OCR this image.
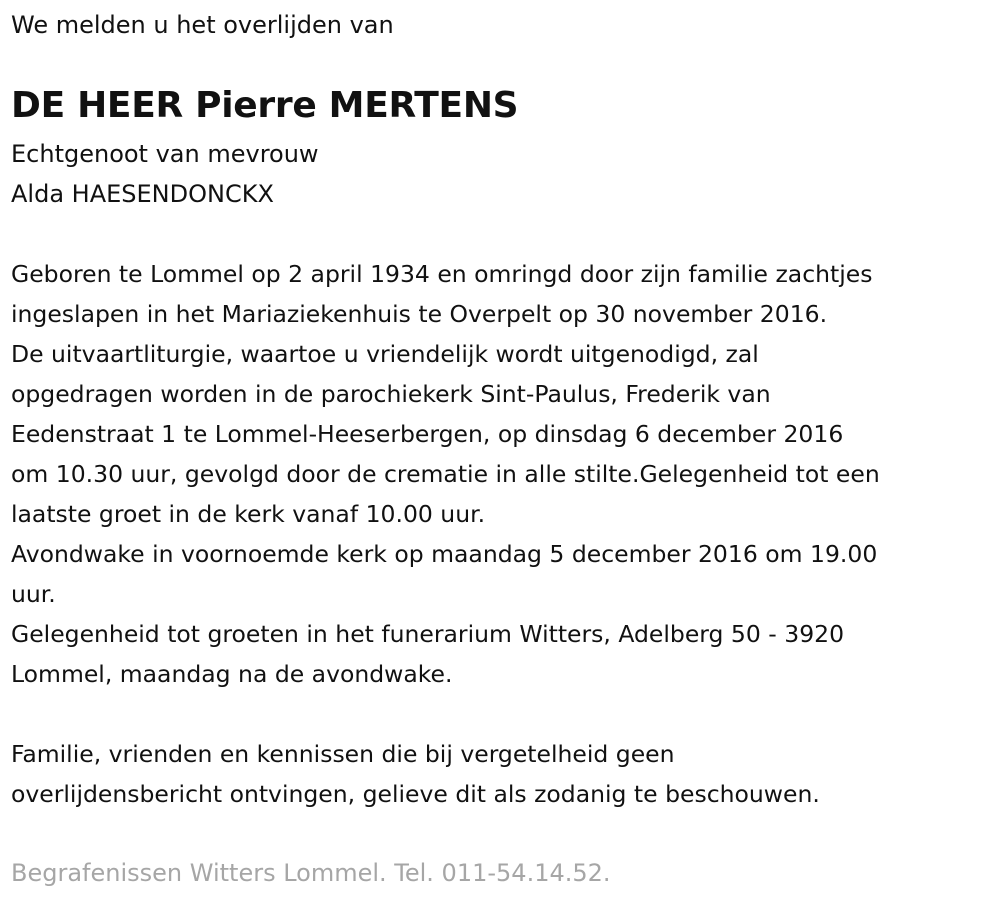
We melden u het overlijden van
DE HEER Pierre MERTENS
Echtgenoot van mevrouw
Alda HAESENDONCKX
Geboren te Lommel op 2 april 1934 en omringd door zijn familie zachtjes
ingeslapen in het Mariaziekenhuis te Overpelt op 30 november 2016.
De uitvaartliturgie, waartoe u vriendelijk wordt uitgenodigd, zal
opgedragen worden in de parochiekerk Sint-Paulus, Frederik van
Eedenstraat 1 te Lommel-Heeserbergen, op dinsdag 6 december 2016
om 10.30 uur, gevolgd door de crematie in alle stilte.Gelegenheid tot een
laatste groet in de kerk vanaf 10.00 uur.
Avondwake in voornoemde kerk op maandag 5 december 2016 om 19.00
uur.
Gelegenheid tot groeten in het funerarium Witters, Adelberg 50 - 3920
Lommel, maandag na de avondwake.
Familie, vrienden en kennissen die bij vergetelheid geen
overlijdensbericht ontvingen, gelieve dit als zodanig te beschouwen.
Begrafenissen Witters Lommel. Tel. 011-54.14.52.
